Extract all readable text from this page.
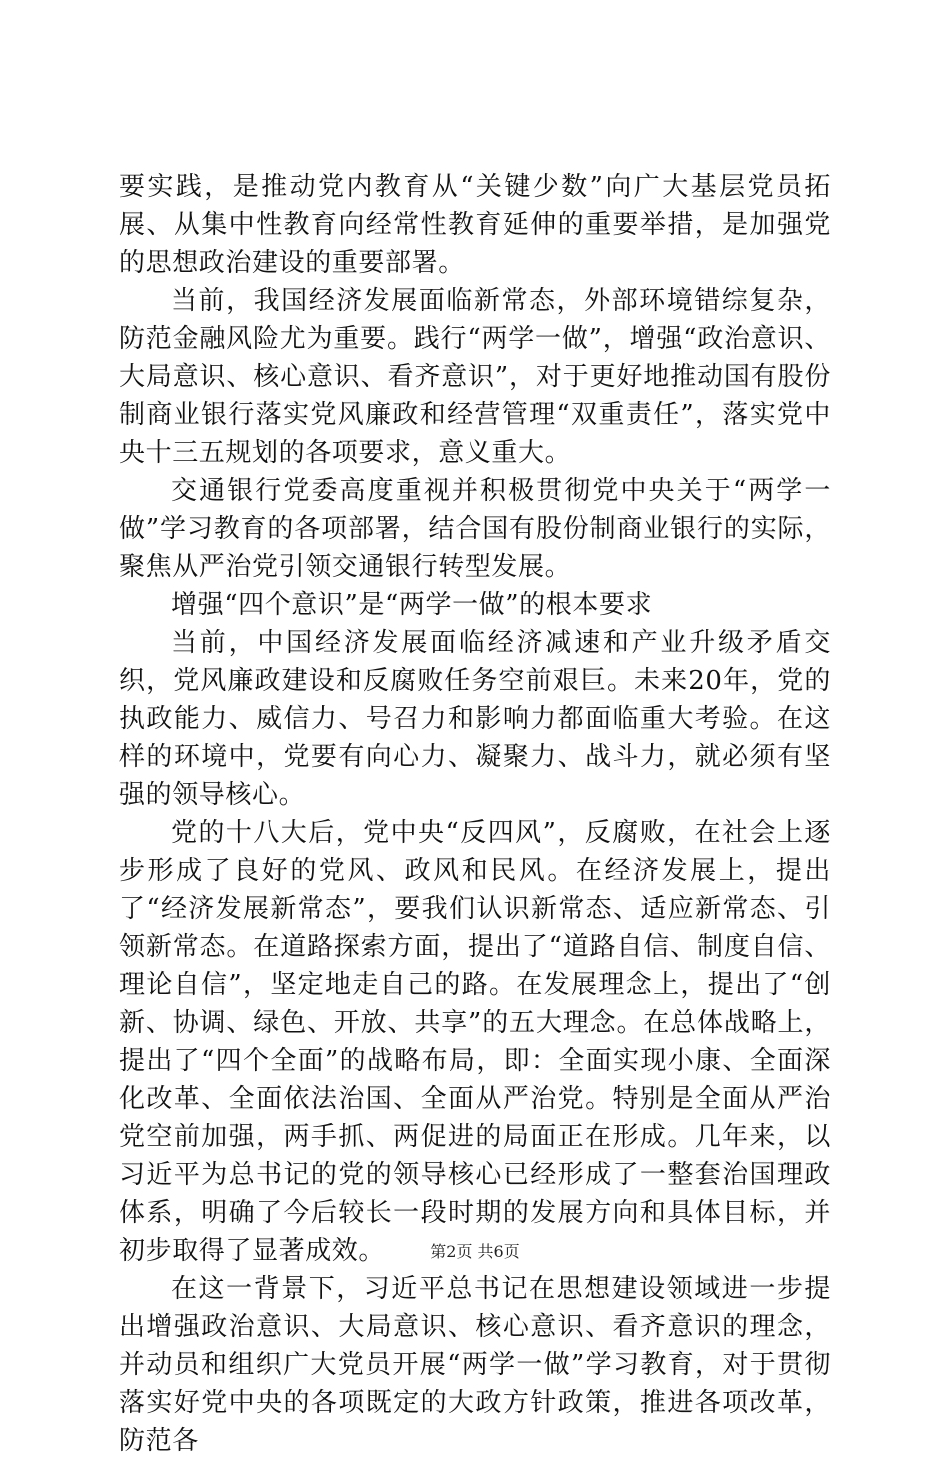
要实践，是推动党内教育从“关键少数”向广大基层党员拓展、从集中性教育向经常性教育延伸的重要举措，是加强党的思想政治建设的重要部署。

当前，我国经济发展面临新常态，外部环境错综复杂，防范金融风险尤为重要。践行“两学一做”，增强“政治意识、大局意识、核心意识、看齐意识”，对于更好地推动国有股份制商业银行落实党风廉政和经营管理“双重责任”，落实党中央十三五规划的各项要求，意义重大。

交通银行党委高度重视并积极贯彻党中央关于“两学一做”学习教育的各项部署，结合国有股份制商业银行的实际，聚焦从严治党引领交通银行转型发展。

增强“四个意识”是“两学一做”的根本要求

当前，中国经济发展面临经济减速和产业升级矛盾交织，党风廉政建设和反腐败任务空前艰巨。未来20年，党的执政能力、威信力、号召力和影响力都面临重大考验。在这样的环境中，党要有向心力、凝聚力、战斗力，就必须有坚强的领导核心。

党的十八大后，党中央“反四风”，反腐败，在社会上逐步形成了良好的党风、政风和民风。在经济发展上，提出了“经济发展新常态”，要我们认识新常态、适应新常态、引领新常态。在道路探索方面，提出了“道路自信、制度自信、理论自信”，坚定地走自己的路。在发展理念上，提出了“创新、协调、绿色、开放、共享”的五大理念。在总体战略上，提出了“四个全面”的战略布局，即：全面实现小康、全面深化改革、全面依法治国、全面从严治党。特别是全面从严治党空前加强，两手抓、两促进的局面正在形成。几年来，以习近平为总书记的党的领导核心已经形成了一整套治国理政体系，明确了今后较长一段时期的发展方向和具体目标，并初步取得了显著成效。

在这一背景下，习近平总书记在思想建设领域进一步提出增强政治意识、大局意识、核心意识、看齐意识的理念，并动员和组织广大党员开展“两学一做”学习教育，对于贯彻落实好党中央的各项既定的大政方针政策，推进各项改革，防范各

第2页 共6页
